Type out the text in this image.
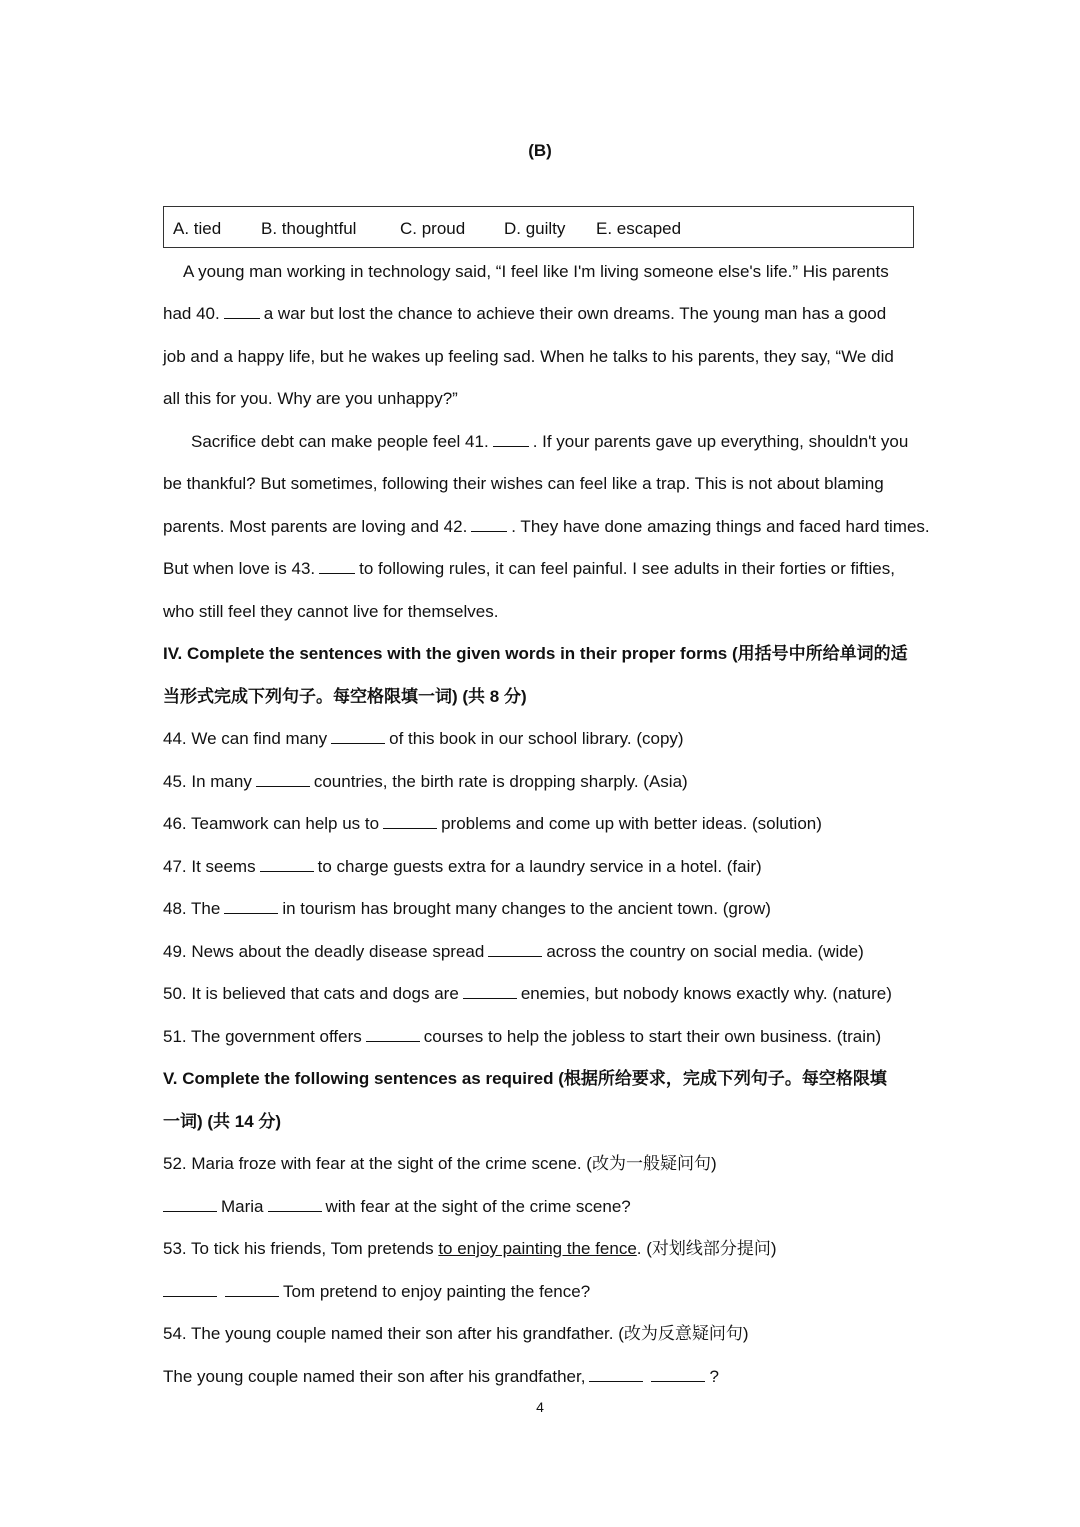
(B)
A. tied B. thoughtful	C. proud D. guilty E. escaped
A young man working in technology said, “I feel like I'm living someone else's life.” His parents
had 40.	a war but lost the chance to achieve their own dreams. The young man has a good
job and a happy life, but he wakes up feeling sad. When he talks to his parents, they say, “We did
all this for you. Why are you unhappy?”
Sacrifice debt can make people feel 41.	. If your parents gave up everything, shouldn't you
be thankful? But sometimes, following their wishes can feel like a trap. This is not about blaming
parents. Most parents are loving and 42.	. They have done amazing things and faced hard times.
But when love is 43.	to following rules, it can feel painful. I see adults in their forties or fifties,
who still feel they cannot live for themselves.
IV. Complete the sentences with the given words in their proper forms (用括号中所给单词的适
当形式完成下列句子。每空格限填一词) (共 8 分)
44. We can find many	of this book in our school library. (copy)
45. In many	countries, the birth rate is dropping sharply. (Asia)
46. Teamwork can help us to	problems and come up with better ideas. (solution)
47. It seems	to charge guests extra for a laundry service in a hotel. (fair)
48. The	in tourism has brought many changes to the ancient town. (grow)
49. News about the deadly disease spread	across the country on social media. (wide)
50. It is believed that cats and dogs are	enemies, but nobody knows exactly why. (nature)
51. The government offers	courses to help the jobless to start their own business. (train)
V. Complete the following sentences as required (根据所给要求，完成下列句子。每空格限填
一词) (共 14 分)
52. Maria froze with fear at the sight of the crime scene. (改为一般疑问句)
Maria	with fear at the sight of the crime scene?
53. To tick his friends, Tom pretends to enjoy painting the fence. (对划线部分提问)
Tom pretend to enjoy painting the fence?
54. The young couple named their son after his grandfather. (改为反意疑问句)
The young couple named their son after his grandfather,	?
4
